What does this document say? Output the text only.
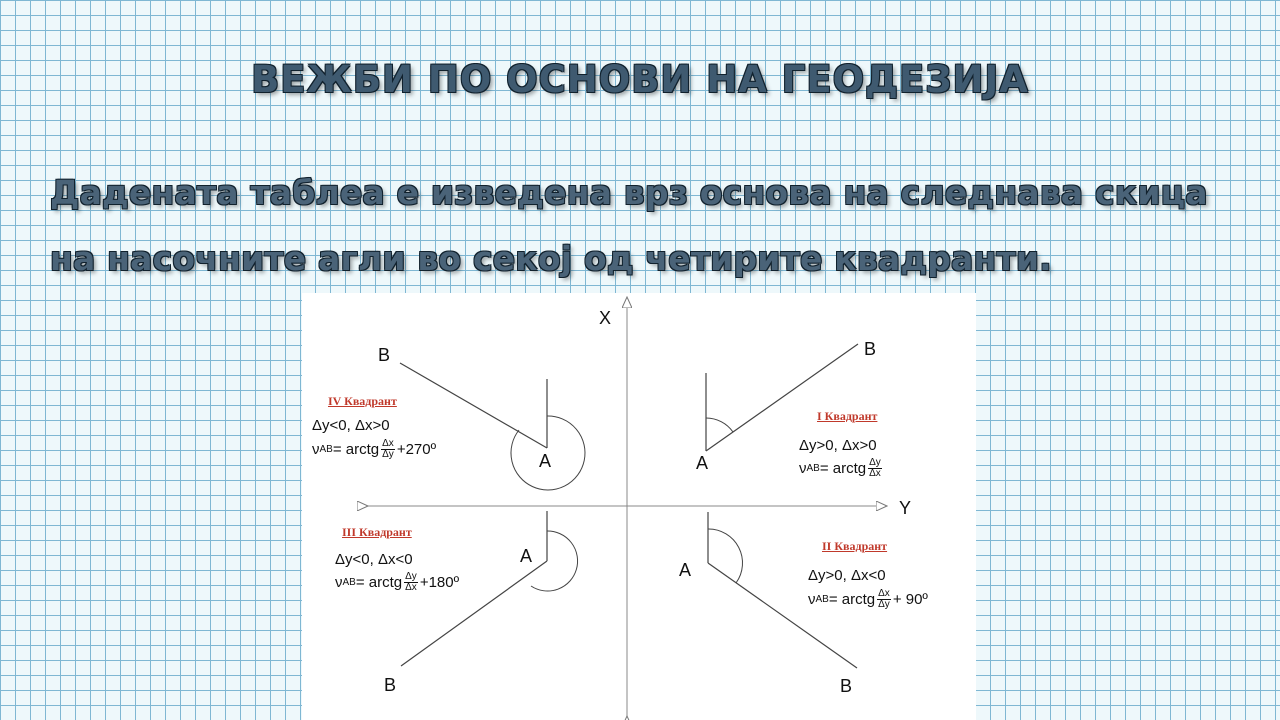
ВЕЖБИ ПО ОСНОВИ НА ГЕОДЕЗИЈА

Дадената таблеа е изведена врз основа на следнава скица на насочните агли во секој од четирите квадранти.

X
Y
B
A
I Квадрант
Δy>0, Δx>0
ν A B = arctg $\frac{\Delta y}{\Delta x}$
B
A
II Квадрант
Δy>0, Δx<0
ν A B = arctg $\frac{\Delta x}{\Delta y}$ + 90º
B
A
III Квадрант
Δy<0, Δx<0
ν A B = arctg $\frac{\Delta y}{\Delta x}$ +180º
B
A
IV Квадрант
Δy<0, Δx>0
ν A B = arctg $\frac{\Delta x}{\Delta y}$ +270º
